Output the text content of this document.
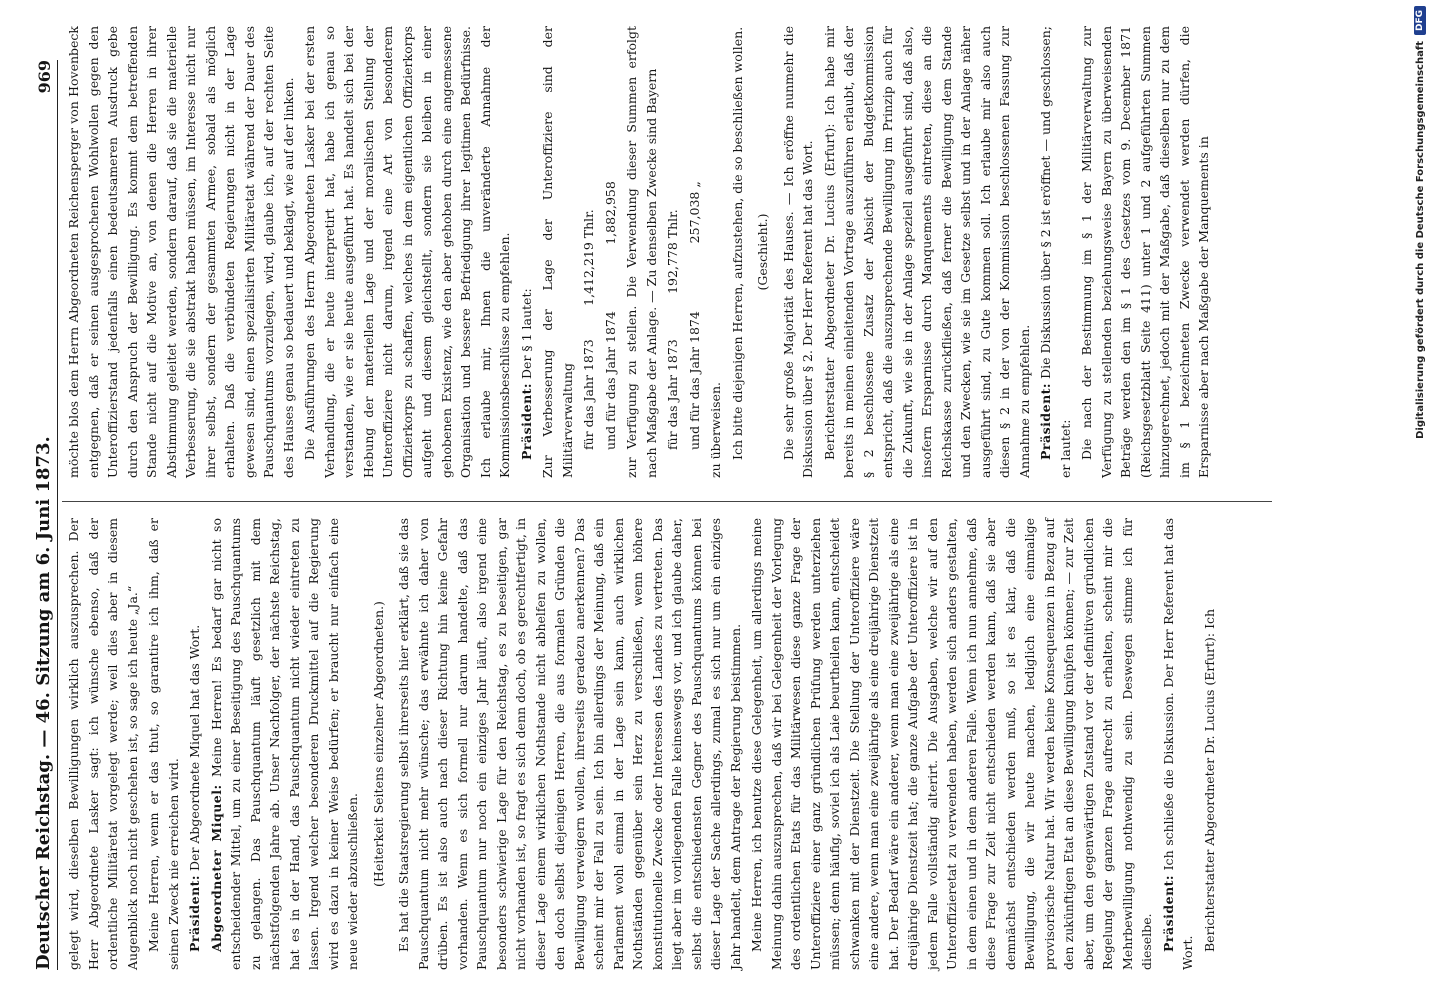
Deutscher Reichstag. — 46. Sitzung am 6. Juni 1873.
969

gelegt wird, dieselben Bewilligungen wirklich auszusprechen. Der Herr Abgeordnete Lasker sagt: ich wünsche ebenso, daß der ordentliche Militäretat vorgelegt werde; weil dies aber in diesem Augenblick noch nicht geschehen ist, so sage ich heute „Ja.“ Meine Herren, wenn er das thut, so garantire ich ihm, daß er seinen Zweck nie erreichen wird. Präsident: Der Abgeordnete Miquel hat das Wort. Abgeordneter Miquel: Meine Herren! Es bedarf gar nicht so entscheidender Mittel, um zu einer Beseitigung des Pauschquantums zu gelangen. Das Pauschquantum läuft gesetzlich mit dem nächstfolgenden Jahre ab. Unser Nachfolger, der nächste Reichstag, hat es in der Hand, das Pauschquantum nicht wieder eintreten zu lassen. Irgend welcher besonderen Druckmittel auf die Regierung wird es dazu in keiner Weise bedürfen; er braucht nur einfach eine neue wieder abzuschließen. (Heiterkeit Seitens einzelner Abgeordneten.) Es hat die Staatsregierung selbst ihrerseits hier erklärt, daß sie das Pauschquantum nicht mehr wünsche; das erwähnte ich daher von drüben. Es ist also auch nach dieser Richtung hin keine Gefahr vorhanden. Wenn es sich formell nur darum handelte, daß das Pauschquantum nur noch ein einziges Jahr läuft, also irgend eine besonders schwierige Lage für den Reichstag, es zu beseitigen, gar nicht vorhanden ist, so fragt es sich denn doch, ob es gerechtfertigt, in dieser Lage einem wirklichen Nothstande nicht abhelfen zu wollen, den doch selbst diejenigen Herren, die aus formalen Gründen die Bewilligung verweigern wollen, ihrerseits geradezu anerkennen? Das scheint mir der Fall zu sein. Ich bin allerdings der Meinung, daß ein Parlament wohl einmal in der Lage sein kann, auch wirklichen Nothständen gegenüber sein Herz zu verschließen, wenn höhere konstitutionelle Zwecke oder Interessen des Landes zu vertreten. Das liegt aber im vorliegenden Falle keineswegs vor, und ich glaube daher, selbst die entschiedensten Gegner des Pauschquantums können bei dieser Lage der Sache allerdings, zumal es sich nur um ein einziges Jahr handelt, dem Antrage der Regierung beistimmen. Meine Herren, ich benutze diese Gelegenheit, um allerdings meine Meinung dahin auszusprechen, daß wir bei Gelegenheit der Vorlegung des ordentlichen Etats für das Militärwesen diese ganze Frage der Unteroffiziere einer ganz gründlichen Prüfung werden unterziehen müssen; denn häufig, soviel ich als Laie beurtheilen kann, entscheidet schwanken mit der Dienstzeit. Die Stellung der Unteroffiziere wäre eine andere, wenn man eine zweijährige als eine dreijährige Dienstzeit hat. Der Bedarf wäre ein anderer, wenn man eine zweijährige als eine dreijährige Dienstzeit hat; die ganze Aufgabe der Unteroffiziere ist in jedem Falle vollständig alterirt. Die Ausgaben, welche wir auf den Unteroffizieretat zu verwenden haben, werden sich anders gestalten, in dem einen und in dem anderen Falle. Wenn ich nun annehme, daß diese Frage zur Zeit nicht entschieden werden kann, daß sie aber demnächst entschieden werden muß, so ist es klar, daß die Bewilligung, die wir heute machen, lediglich eine einmalige provisorische Natur hat. Wir werden keine Konsequenzen in Bezug auf den zukünftigen Etat an diese Bewilligung knüpfen können; — zur Zeit aber, um den gegenwärtigen Zustand vor der definitiven gründlichen Regelung der ganzen Frage aufrecht zu erhalten, scheint mir die Mehrbewilligung nothwendig zu sein. Deswegen stimme ich für dieselbe. Präsident: Ich schließe die Diskussion. Der Herr Referent hat das Wort.

Berichterstatter Abgeordneter Dr. Lucius (Erfurt): Ich

möchte blos dem Herrn Abgeordneten Reichensperger von Hovenbeck entgegnen, daß er seinen ausgesprochenen Wohlwollen gegen den Unteroffizierstand jedenfalls einen bedeutsameren Ausdruck gebe durch den Anspruch der Bewilligung. Es kommt dem betreffenden Stande nicht auf die Motive an, von denen die Herren in ihrer Abstimmung geleitet werden, sondern darauf, daß sie die materielle Verbesserung, die sie abstrakt haben müssen, im Interesse nicht nur ihrer selbst, sondern der gesammten Armee, sobald als möglich erhalten. Daß die verbündeten Regierungen nicht in der Lage gewesen sind, einen spezialisirten Militäretat während der Dauer des Pauschquantums vorzulegen, wird, glaube ich, auf der rechten Seite des Hauses genau so bedauert und beklagt, wie auf der linken. Die Ausführungen des Herrn Abgeordneten Lasker bei der ersten Verhandlung, die er heute interpretirt hat, habe ich genau so verstanden, wie er sie heute ausgeführt hat. Es handelt sich bei der Hebung der materiellen Lage und der moralischen Stellung der Unteroffiziere nicht darum, irgend eine Art von besonderem Offizierkorps zu schaffen, welches in dem eigentlichen Offizierkorps aufgeht und diesem gleichstellt, sondern sie bleiben in einer gehobenen Existenz, wie den aber gehoben durch eine angemessene Organisation und bessere Befriedigung ihrer legitimen Bedürfnisse. Ich erlaube mir, Ihnen die unveränderte Annahme der Kommissionsbeschlüsse zu empfehlen. Präsident: Der § 1 lautet: Zur Verbesserung der Lage der Unteroffiziere sind der Militärverwaltung für das Jahr 18731,412,219 Thlr.

und für das Jahr 18741,882,958 zur Verfügung zu stellen. Die Verwendung dieser Summen erfolgt nach Maßgabe der Anlage. — Zu denselben Zwecke sind Bayern für das Jahr 1873192,778 Thlr.

und für das Jahr 1874257,038 „

zu überweisen. Ich bitte diejenigen Herren, aufzustehen, die so beschließen wollen. (Geschieht.) Die sehr große Majorität des Hauses. — Ich eröffne nunmehr die Diskussion über § 2. Der Herr Referent hat das Wort. Berichterstatter Abgeordneter Dr. Lucius (Erfurt): Ich habe mir bereits in meinen einleitenden Vortrage auszuführen erlaubt, daß der § 2 beschlossene Zusatz der Absicht der Budgetkommission entspricht, daß die auszusprechende Bewilligung im Prinzip auch für die Zukunft, wie sie in der Anlage speziell ausgeführt sind, daß also, insofern Ersparnisse durch Manquements eintreten, diese an die Reichskasse zurückfließen, daß ferner die Bewilligung dem Stande und den Zwecken, wie sie im Gesetze selbst und in der Anlage näher ausgeführt sind, zu Gute kommen soll. Ich erlaube mir also auch diesen § 2 in der von der Kommission beschlossenen Fassung zur Annahme zu empfehlen. Präsident: Die Diskussion über § 2 ist eröffnet — und geschlossen; er lautet: Die nach der Bestimmung im § 1 der Militärverwaltung zur Verfügung zu stellenden beziehungsweise Bayern zu überweisenden Beträge werden den im § 1 des Gesetzes vom 9. December 1871 (Reichsgesetzblatt Seite 411) unter 1 und 2 aufgeführten Summen hinzugerechnet, jedoch mit der Maßgabe, daß dieselben nur zu dem im § 1 bezeichneten Zwecke verwendet werden dürfen, die Ersparnisse aber nach Maßgabe der Manquements in	Digitalisierung gefördert durch die Deutsche Forschungsgemeinschaft
DFG
